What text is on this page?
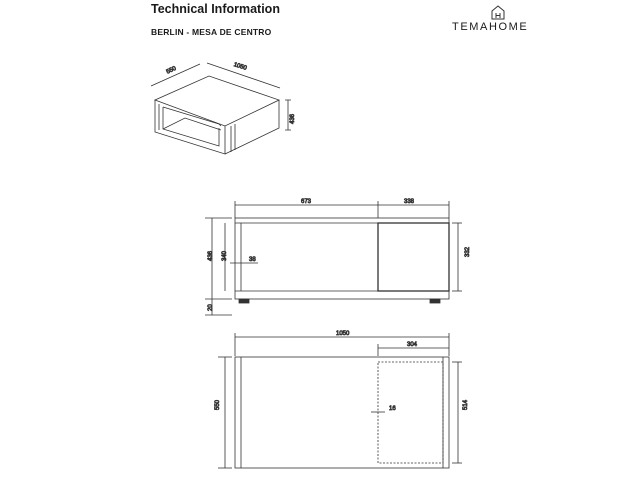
Technical Information
BERLIN - MESA DE CENTRO	TEMAHOME
550	1050
436
673	338
436 340	38
20
332
1050
304
550	514
16
